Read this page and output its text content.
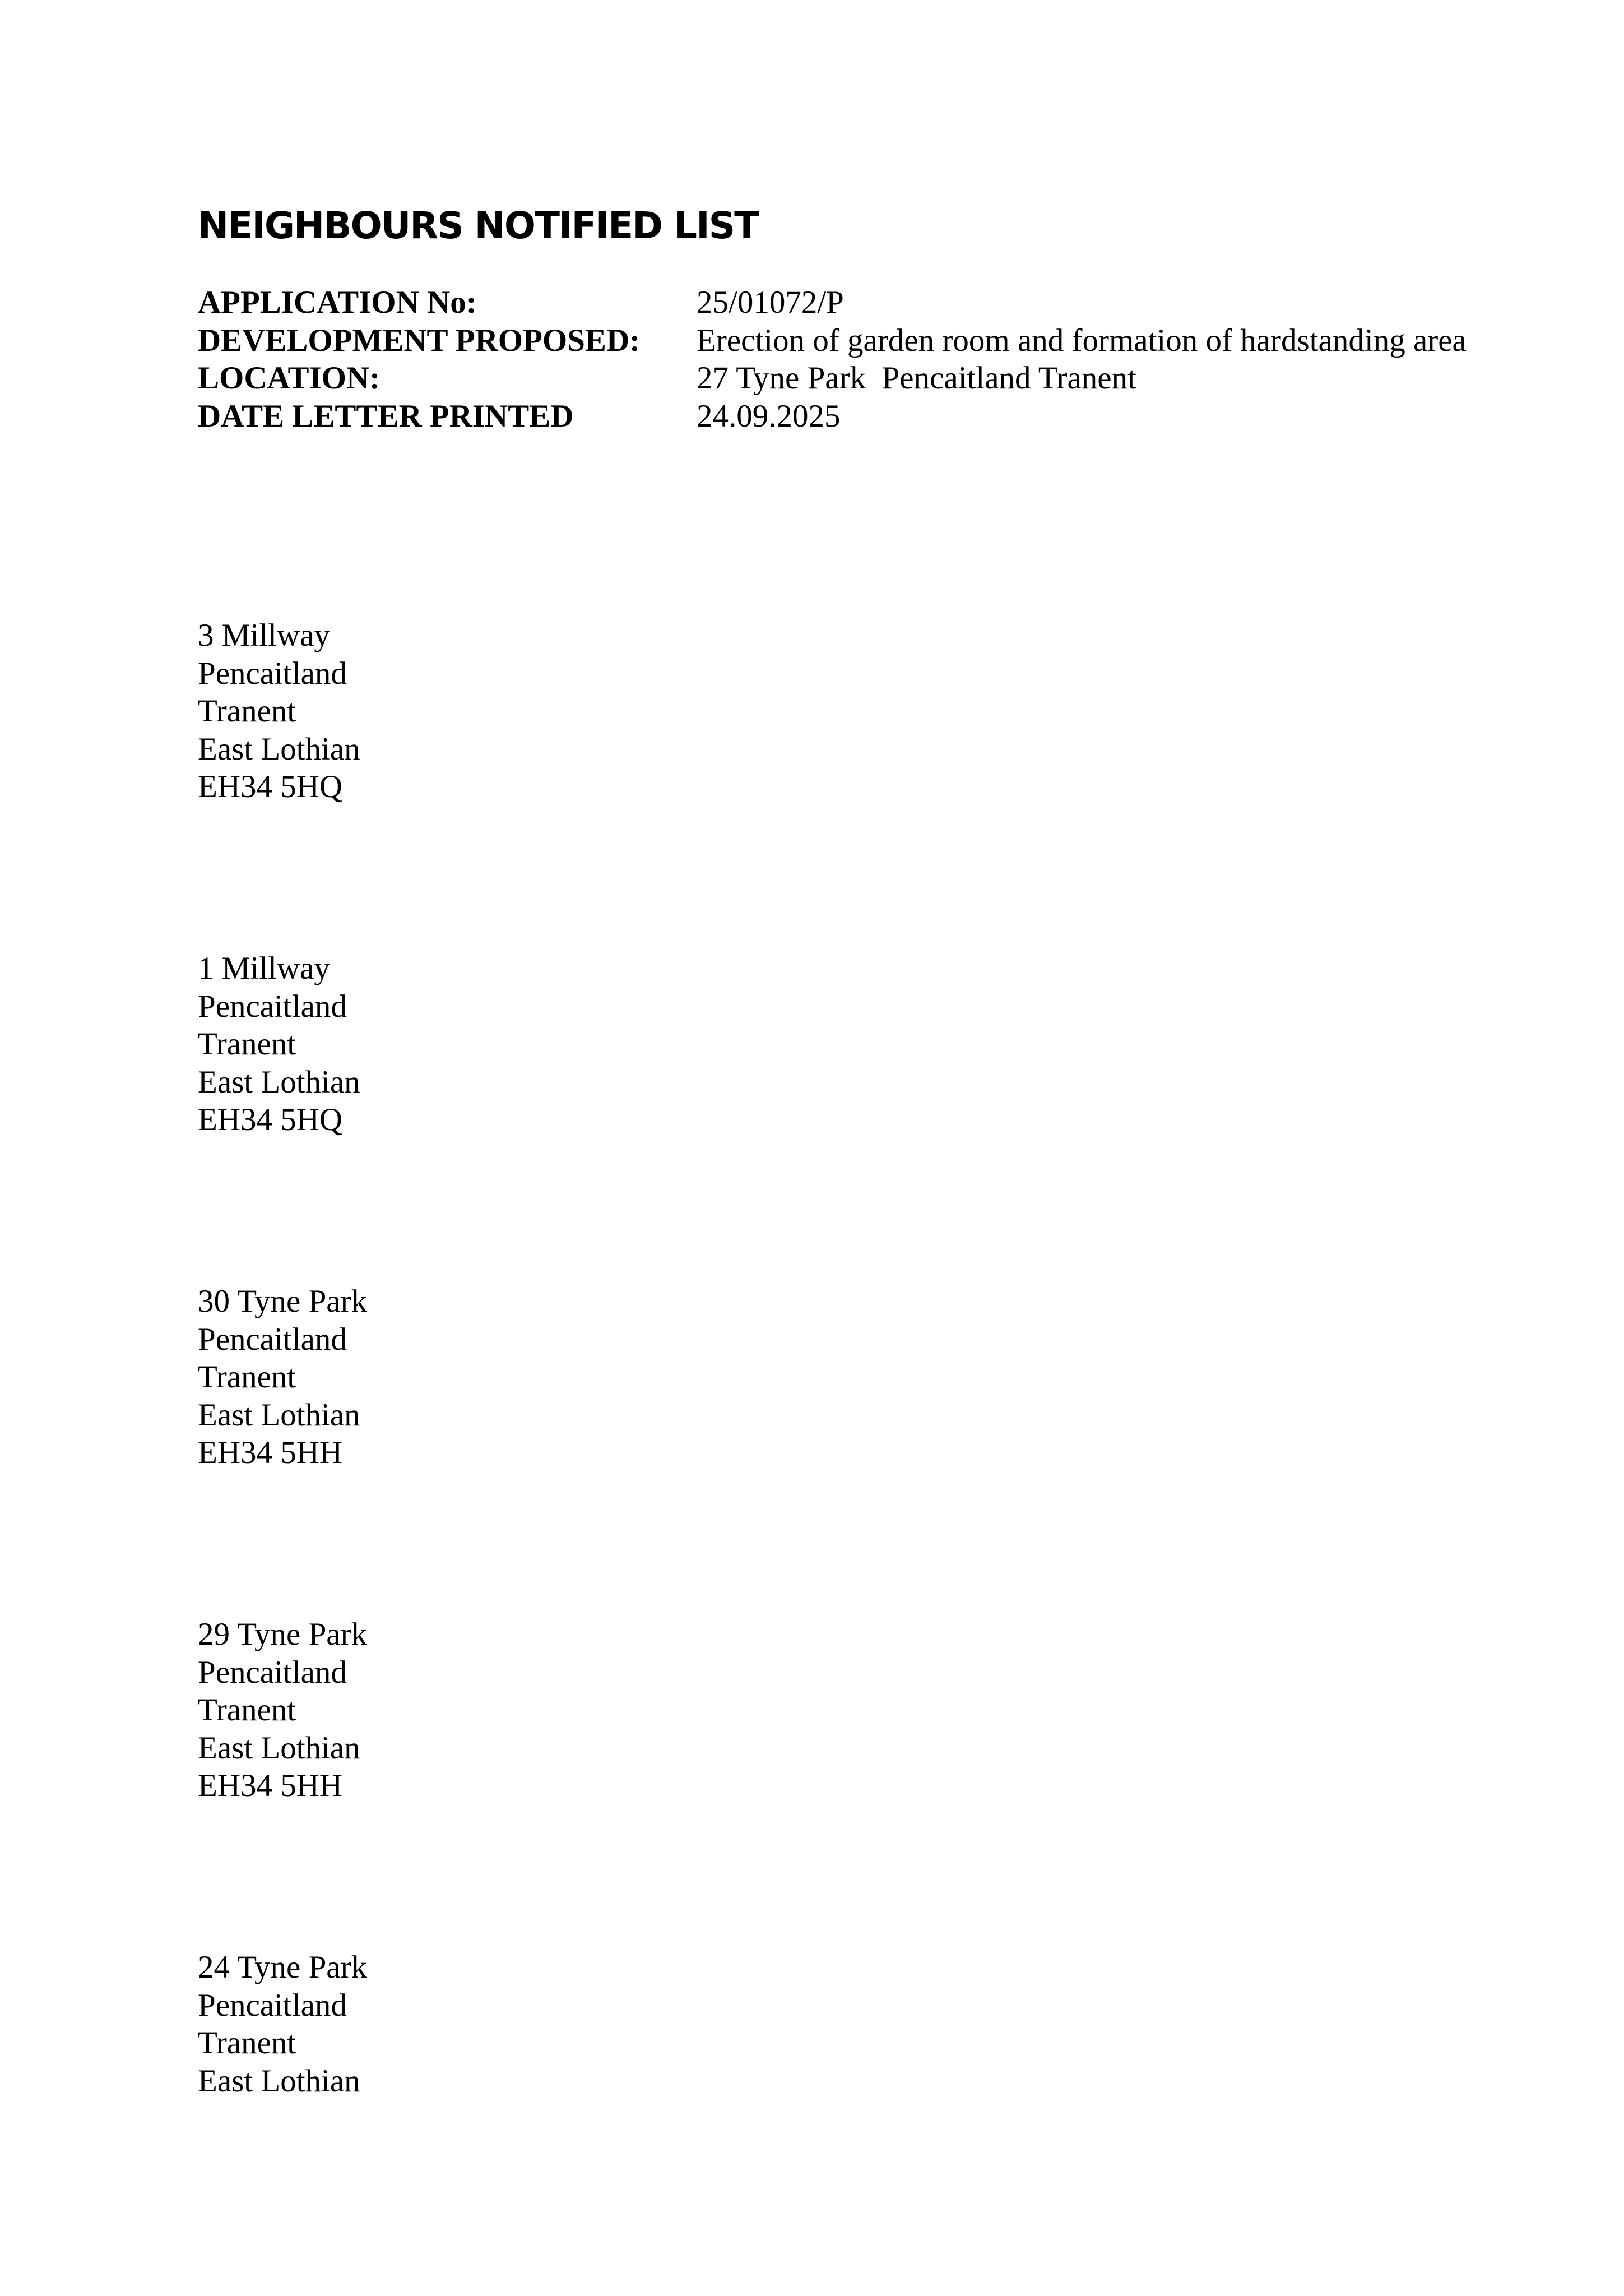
NEIGHBOURS NOTIFIED LIST
APPLICATION No:	25/01072/P
DEVELOPMENT PROPOSED: Erection of garden room and formation of hardstanding area
LOCATION:	27 Tyne Park  Pencaitland Tranent
DATE LETTER PRINTED	24.09.2025
3 Millway
Pencaitland
Tranent
East Lothian
EH34 5HQ
1 Millway
Pencaitland
Tranent
East Lothian
EH34 5HQ
30 Tyne Park
Pencaitland
Tranent
East Lothian
EH34 5HH
29 Tyne Park
Pencaitland
Tranent
East Lothian
EH34 5HH
24 Tyne Park
Pencaitland
Tranent
East Lothian
